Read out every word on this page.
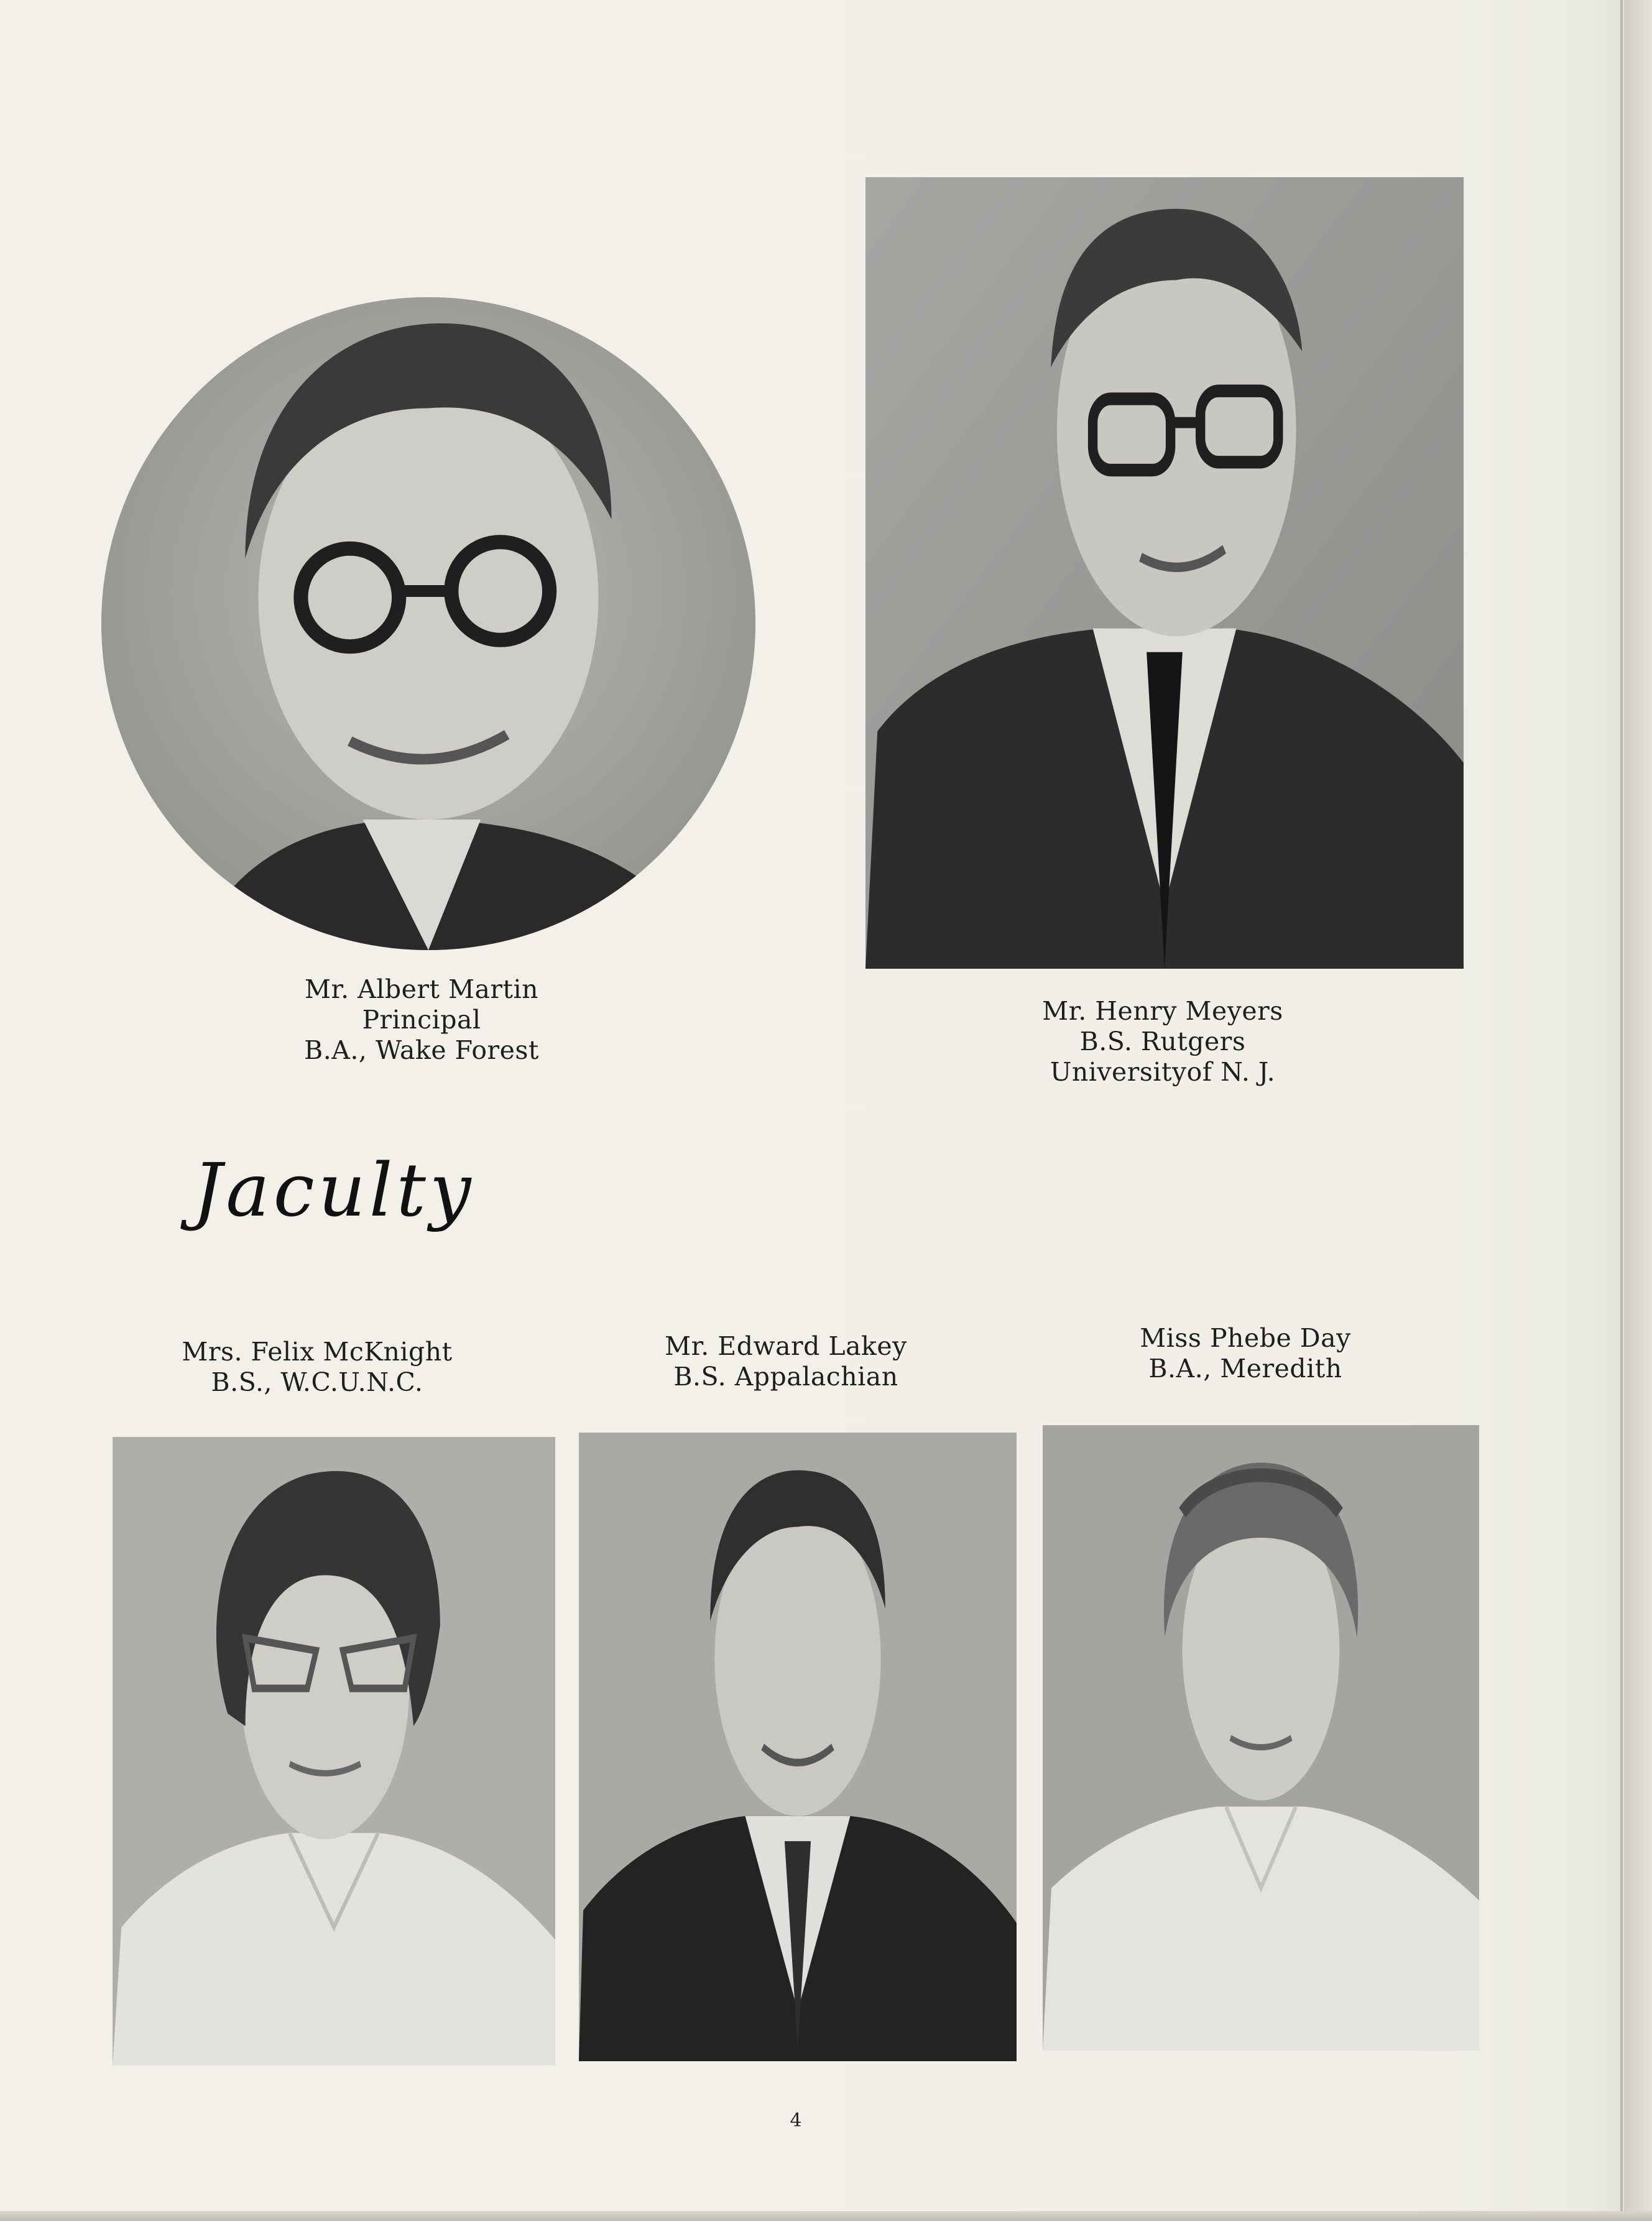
Mr. Albert Martin
Principal
B.A., Wake Forest
Mr. Henry Meyers
B.S. Rutgers
Universityof N. J.
Jaculty
Mrs. Felix McKnight
B.S., W.C.U.N.C.
Mr. Edward Lakey
B.S. Appalachian
Miss Phebe Day
B.A., Meredith
4
